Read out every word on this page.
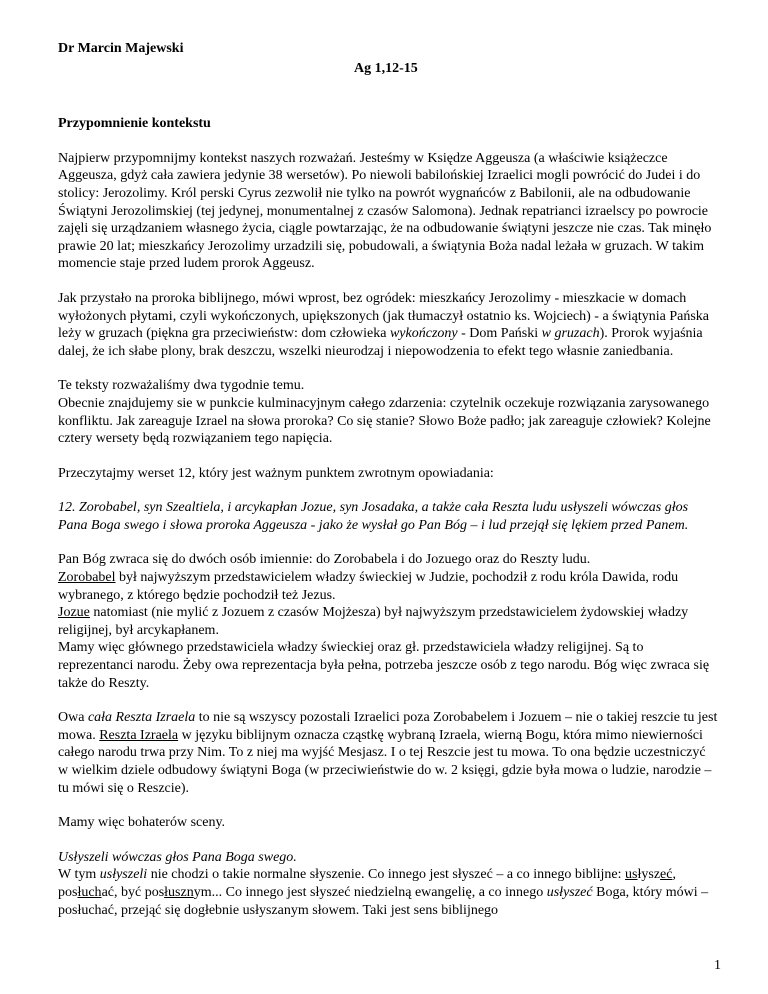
Dr Marcin Majewski

Ag 1,12-15

Przypomnienie kontekstu

Najpierw przypomnijmy kontekst naszych rozważań. Jesteśmy w Księdze Aggeusza (a właściwie książeczce Aggeusza, gdyż cała zawiera jedynie 38 wersetów). Po niewoli babilońskiej Izraelici mogli powrócić do Judei i do stolicy: Jerozolimy. Król perski Cyrus zezwolił nie tylko na powrót wygnańców z Babilonii, ale na odbudowanie Świątyni Jerozolimskiej (tej jedynej, monumentalnej z czasów Salomona). Jednak repatrianci izraelscy po powrocie zajęli się urządzaniem własnego życia, ciągle powtarzając, że na odbudowanie świątyni jeszcze nie czas. Tak minęło prawie 20 lat; mieszkańcy Jerozolimy urzadzili się, pobudowali, a świątynia Boża nadal leżała w gruzach. W takim momencie staje przed ludem prorok Aggeusz.

Jak przystało na proroka biblijnego, mówi wprost, bez ogródek: mieszkańcy Jerozolimy - mieszkacie w domach wyłożonych płytami, czyli wykończonych, upiększonych (jak tłumaczył ostatnio ks. Wojciech) - a świątynia Pańska leży w gruzach (piękna gra przeciwieństw: dom człowieka wykończony - Dom Pański w gruzach). Prorok wyjaśnia dalej, że ich słabe plony, brak deszczu, wszelki nieurodzaj i niepowodzenia to efekt tego własnie zaniedbania.

Te teksty rozważaliśmy dwa tygodnie temu.

Obecnie znajdujemy sie w punkcie kulminacyjnym całego zdarzenia: czytelnik oczekuje rozwiązania zarysowanego konfliktu. Jak zareaguje Izrael na słowa proroka? Co się stanie? Słowo Boże padło; jak zareaguje człowiek? Kolejne cztery wersety będą rozwiązaniem tego napięcia.

Przeczytajmy werset 12, który jest ważnym punktem zwrotnym opowiadania:

12. Zorobabel, syn Szealtiela, i arcykapłan Jozue, syn Josadaka, a także cała Reszta ludu usłyszeli wówczas głos Pana Boga swego i słowa proroka Aggeusza - jako że wysłał go Pan Bóg – i lud przejął się lękiem przed Panem.

Pan Bóg zwraca się do dwóch osób imiennie: do Zorobabela i do Jozuego oraz do Reszty ludu.

Zorobabel był najwyższym przedstawicielem władzy świeckiej w Judzie, pochodził z rodu króla Dawida, rodu wybranego, z którego będzie pochodził też Jezus.

Jozue natomiast (nie mylić z Jozuem z czasów Mojżesza) był najwyższym przedstawicielem żydowskiej władzy religijnej, był arcykapłanem.

Mamy więc głównego przedstawiciela władzy świeckiej oraz gł. przedstawiciela władzy religijnej. Są to reprezentanci narodu. Żeby owa reprezentacja była pełna, potrzeba jeszcze osób z tego narodu. Bóg więc zwraca się także do Reszty.

Owa cała Reszta Izraela to nie są wszyscy pozostali Izraelici poza Zorobabelem i Jozuem – nie o takiej reszcie tu jest mowa. Reszta Izraela w języku biblijnym oznacza cząstkę wybraną Izraela, wierną Bogu, która mimo niewierności całego narodu trwa przy Nim. To z niej ma wyjść Mesjasz. I o tej Reszcie jest tu mowa. To ona będzie uczestniczyć w wielkim dziele odbudowy świątyni Boga (w przeciwieństwie do w. 2 księgi, gdzie była mowa o ludzie, narodzie – tu mówi się o Reszcie).

Mamy więc bohaterów sceny.

Usłyszeli wówczas głos Pana Boga swego.

W tym usłyszeli nie chodzi o takie normalne słyszenie. Co innego jest słyszeć – a co innego biblijne: usłyszeć, posłuchać, być posłusznym... Co innego jest słyszeć niedzielną ewangelię, a co innego usłyszeć Boga, który mówi – posłuchać, przejąć się dogłebnie usłyszanym słowem. Taki jest sens biblijnego

1
